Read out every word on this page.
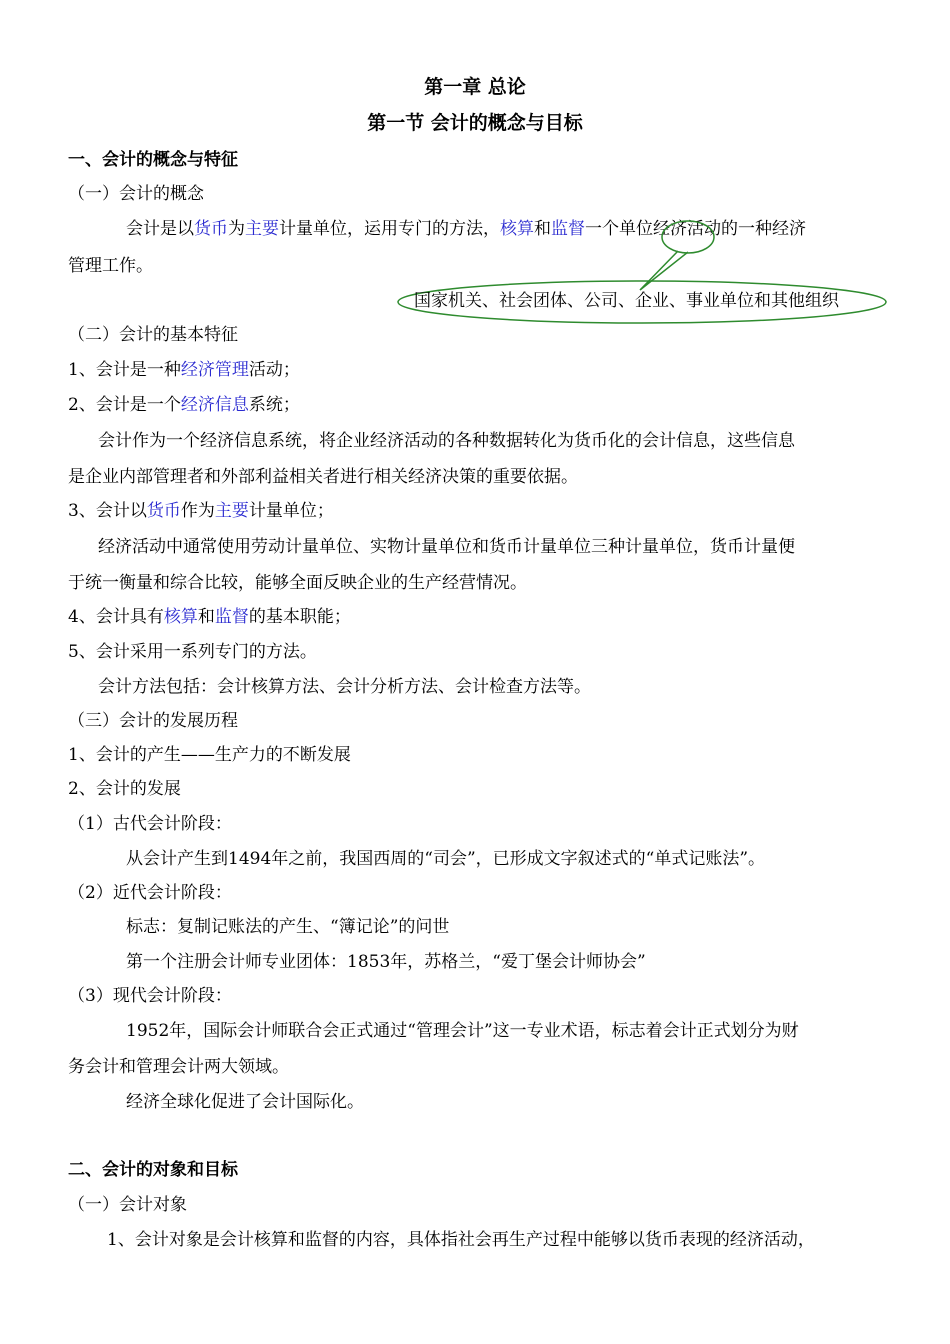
第一章 总论
第一节 会计的概念与目标
一、会计的概念与特征
（一）会计的概念
会计是以货币为主要计量单位，运用专门的方法，核算和监督一个单位经济活动的一种经济
管理工作。
国家机关、社会团体、公司、企业、事业单位和其他组织
（二）会计的基本特征
1、会计是一种经济管理活动；
2、会计是一个经济信息系统；
会计作为一个经济信息系统，将企业经济活动的各种数据转化为货币化的会计信息，这些信息
是企业内部管理者和外部利益相关者进行相关经济决策的重要依据。
3、会计以货币作为主要计量单位；
经济活动中通常使用劳动计量单位、实物计量单位和货币计量单位三种计量单位，货币计量便
于统一衡量和综合比较，能够全面反映企业的生产经营情况。
4、会计具有核算和监督的基本职能；
5、会计采用一系列专门的方法。
会计方法包括：会计核算方法、会计分析方法、会计检查方法等。
（三）会计的发展历程
1、会计的产生——生产力的不断发展
2、会计的发展
（1）古代会计阶段：
从会计产生到1494年之前，我国西周的“司会”，已形成文字叙述式的“单式记账法”。
（2）近代会计阶段：
标志：复制记账法的产生、“簿记论”的问世
第一个注册会计师专业团体：1853年，苏格兰，“爱丁堡会计师协会”
（3）现代会计阶段：
1952年，国际会计师联合会正式通过“管理会计”这一专业术语，标志着会计正式划分为财
务会计和管理会计两大领域。
经济全球化促进了会计国际化。
二、会计的对象和目标
（一）会计对象
1、会计对象是会计核算和监督的内容，具体指社会再生产过程中能够以货币表现的经济活动，
